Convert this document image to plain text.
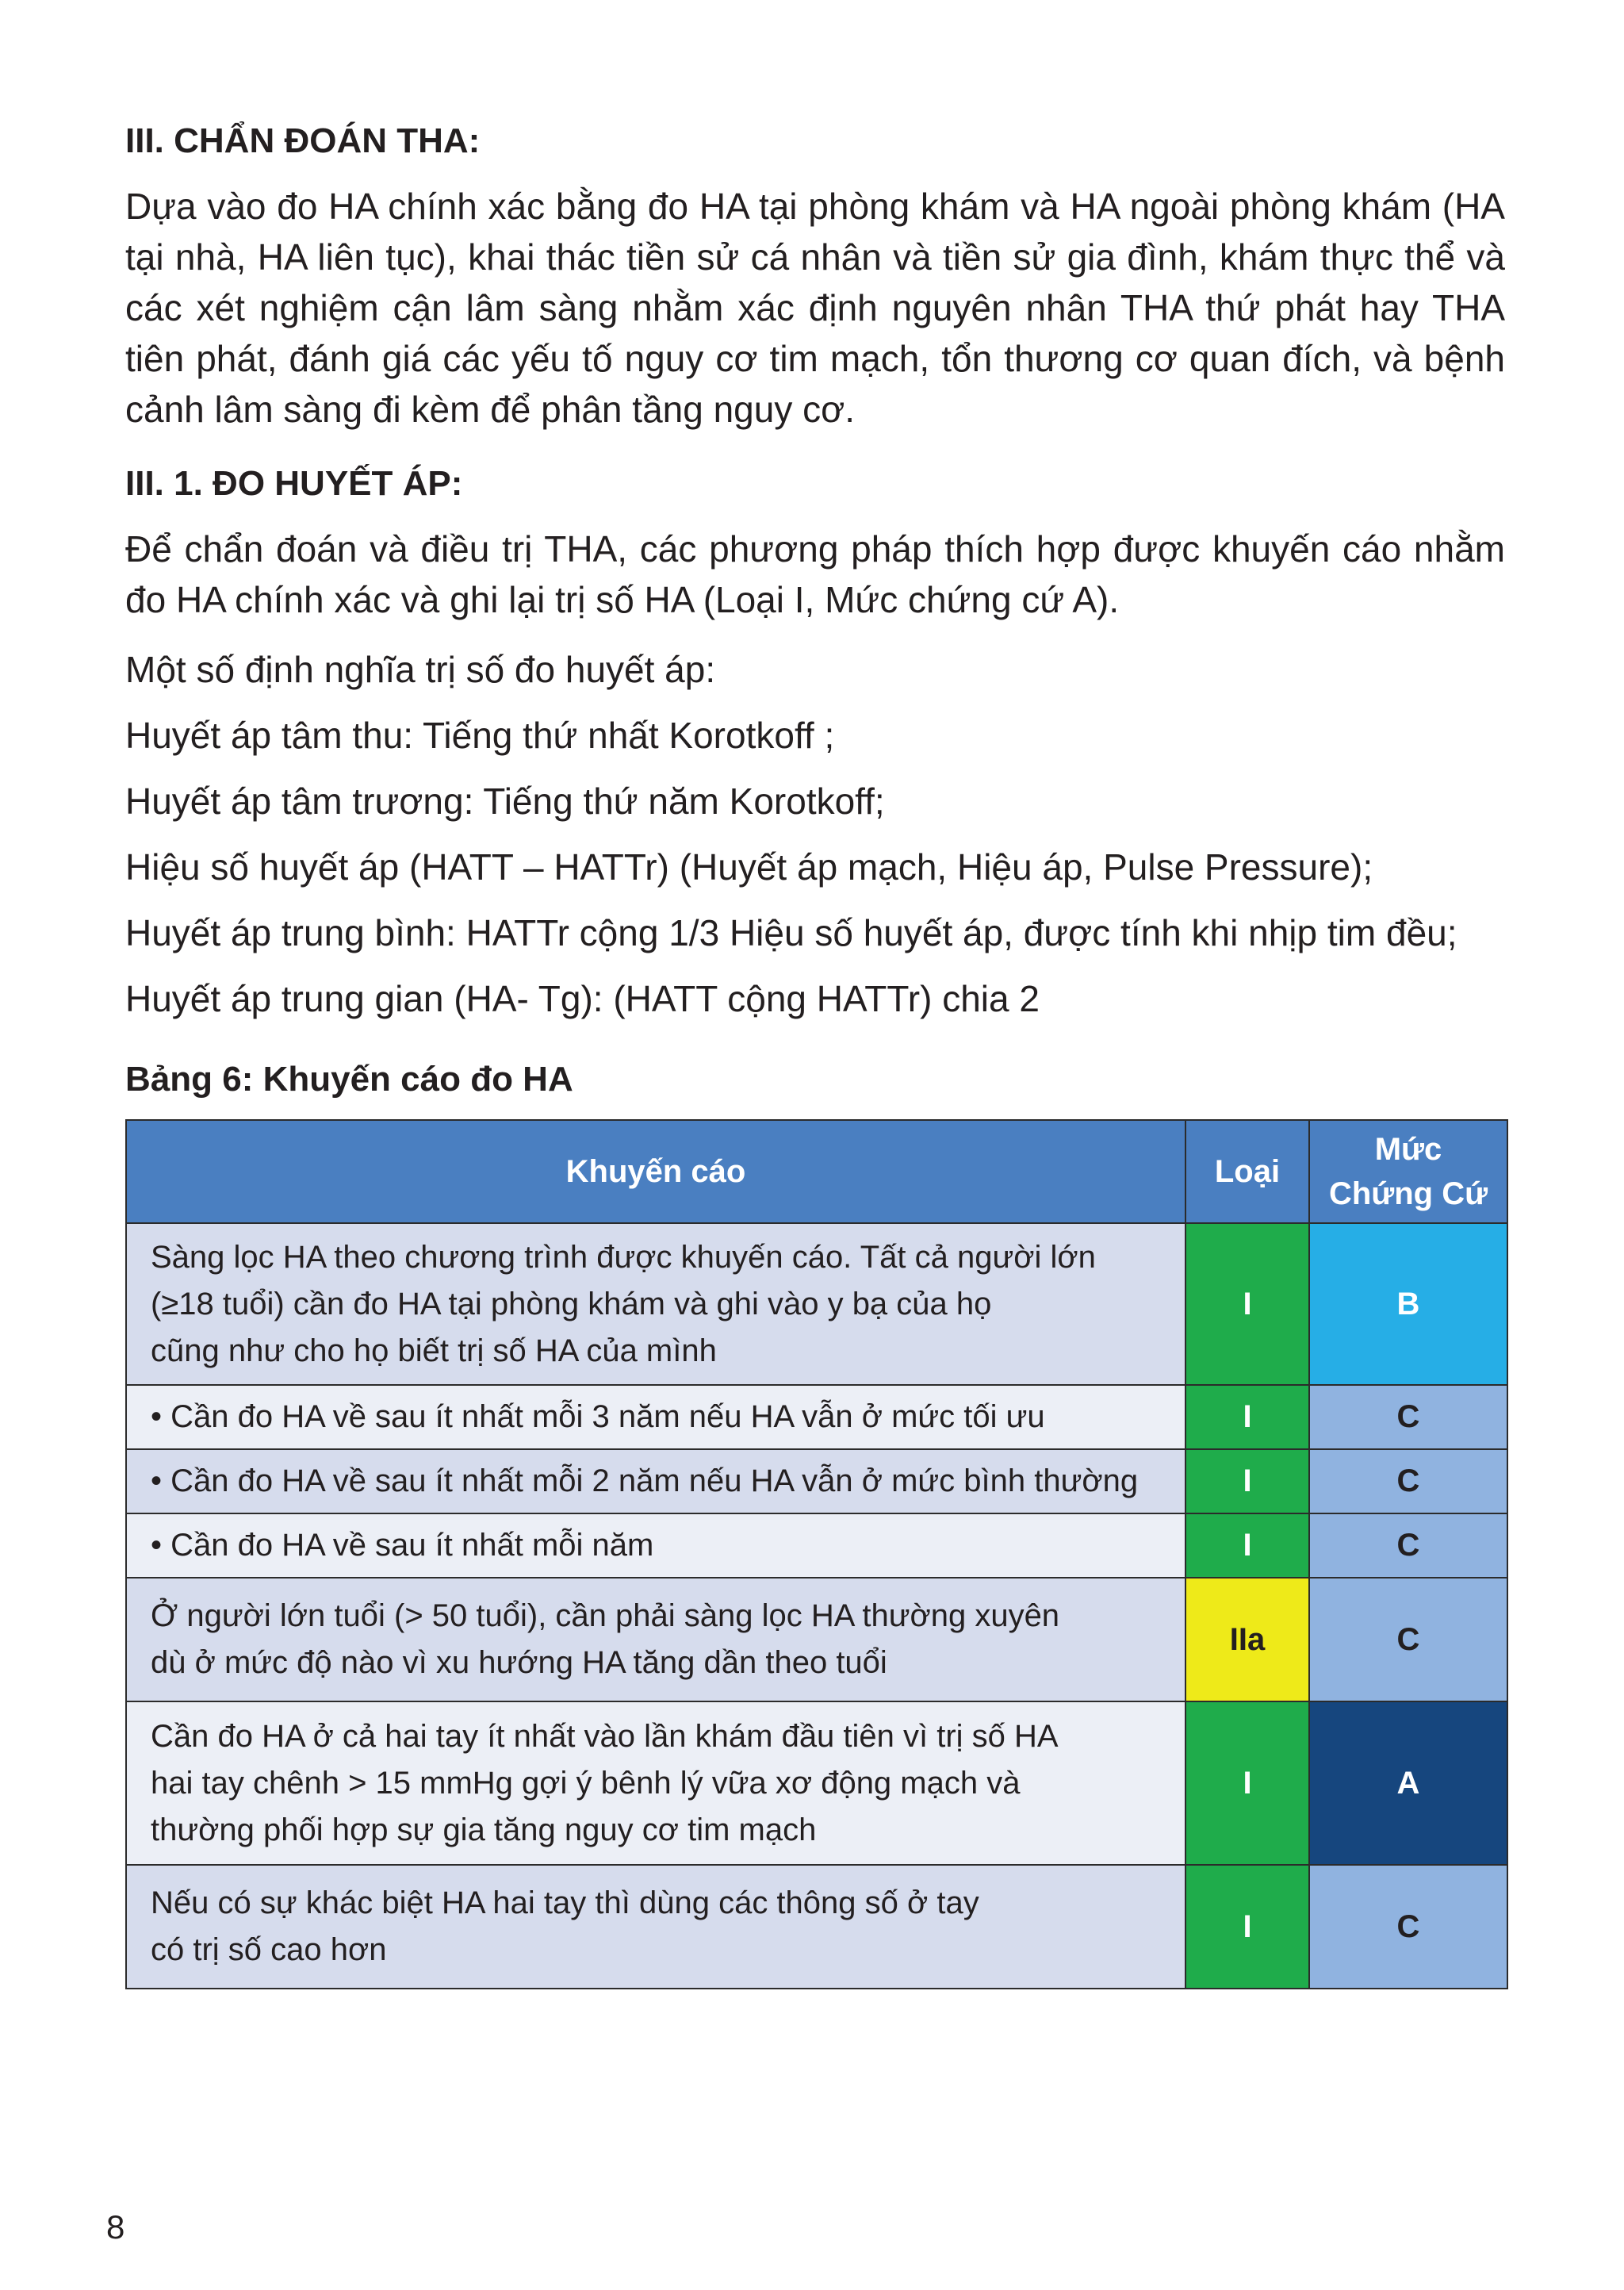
III. CHẨN ĐOÁN THA:
Dựa vào đo HA chính xác bằng đo HA tại phòng khám và HA ngoài phòng khám (HA tại nhà, HA liên tục), khai thác tiền sử cá nhân và tiền sử gia đình, khám thực thể và các xét nghiệm cận lâm sàng nhằm xác định nguyên nhân THA thứ phát hay THA tiên phát, đánh giá các yếu tố nguy cơ tim mạch, tổn thương cơ quan đích, và bệnh cảnh lâm sàng đi kèm để phân tầng nguy cơ.
III. 1. ĐO HUYẾT ÁP:
Để chẩn đoán và điều trị THA, các phương pháp thích hợp được khuyến cáo nhằm đo HA chính xác và ghi lại trị số HA (Loại I, Mức chứng cứ A).
Một số định nghĩa trị số đo huyết áp:
Huyết áp tâm thu: Tiếng thứ nhất Korotkoff ;
Huyết áp tâm trương: Tiếng thứ năm Korotkoff;
Hiệu số huyết áp (HATT – HATTr) (Huyết áp mạch, Hiệu áp, Pulse Pressure);
Huyết áp trung bình: HATTr cộng 1/3 Hiệu số huyết áp, được tính khi nhịp tim đều;
Huyết áp trung gian (HA- Tg): (HATT cộng HATTr) chia 2
Bảng 6: Khuyến cáo đo HA
Khuyến cáo	Loại	Mức
Chứng Cứ

Sàng lọc HA theo chương trình được khuyến cáo. Tất cả người lớn
(≥18 tuổi) cần đo HA tại phòng khám và ghi vào y bạ của họ
cũng như cho họ biết trị số HA của mình	I	B

• Cần đo HA về sau ít nhất mỗi 3 năm nếu HA vẫn ở mức tối ưu	I	C

• Cần đo HA về sau ít nhất mỗi 2 năm nếu HA vẫn ở mức bình thường	I	C

• Cần đo HA về sau ít nhất mỗi năm	I	C

Ở người lớn tuổi (> 50 tuổi), cần phải sàng lọc HA thường xuyên
dù ở mức độ nào vì xu hướng HA tăng dần theo tuổi	IIa	C

Cần đo HA ở cả hai tay ít nhất vào lần khám đầu tiên vì trị số HA
hai tay chênh > 15 mmHg gợi ý bênh lý vữa xơ động mạch và
thường phối hợp sự gia tăng nguy cơ tim mạch	I	A

Nếu có sự khác biệt HA hai tay thì dùng các thông số ở tay
có trị số cao hơn	I	C
8
